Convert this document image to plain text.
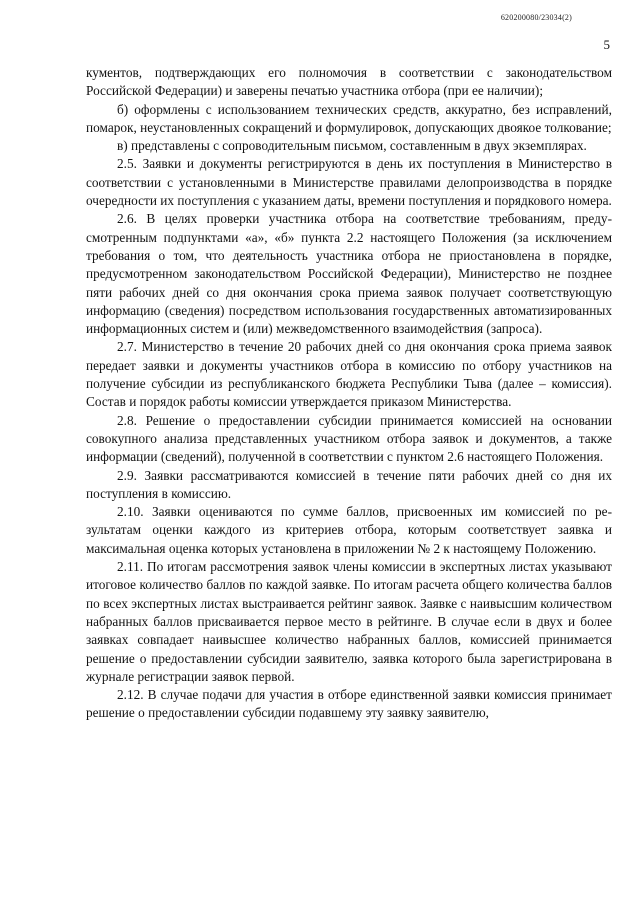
620200080/23034(2)
5

кументов, подтверждающих его полномочия в соответствии с законодательством Российской Федерации) и заверены печатью участника отбора (при ее наличии);

б) оформлены с использованием технических средств, аккуратно, без исправлений, помарок, неустановленных сокращений и формулировок, допускающих двоякое толкование;

в) представлены с сопроводительным письмом, составленным в двух экземплярах.

2.5. Заявки и документы регистрируются в день их поступления в Министерство в соответствии с установленными в Министерстве правилами делопроизводства в порядке очередности их поступления с указанием даты, времени поступления и порядкового номера.

2.6. В целях проверки участника отбора на соответствие требованиям, предусмотренным подпунктами «а», «б» пункта 2.2 настоящего Положения (за исключением требования о том, что деятельность участника отбора не приостановлена в порядке, предусмотренном законодательством Российской Федерации), Министерство не позднее пяти рабочих дней со дня окончания срока приема заявок получает соответствующую информацию (сведения) посредством использования государственных автоматизированных информационных систем и (или) межведомственного взаимодействия (запроса).

2.7. Министерство в течение 20 рабочих дней со дня окончания срока приема заявок передает заявки и документы участников отбора в комиссию по отбору участников на получение субсидии из республиканского бюджета Республики Тыва (далее – комиссия). Состав и порядок работы комиссии утверждается приказом Министерства.

2.8. Решение о предоставлении субсидии принимается комиссией на основании совокупного анализа представленных участником отбора заявок и документов, а также информации (сведений), полученной в соответствии с пунктом 2.6 настоящего Положения.

2.9. Заявки рассматриваются комиссией в течение пяти рабочих дней со дня их поступления в комиссию.

2.10. Заявки оцениваются по сумме баллов, присвоенных им комиссией по результатам оценки каждого из критериев отбора, которым соответствует заявка и максимальная оценка которых установлена в приложении № 2 к настоящему Положению.

2.11. По итогам рассмотрения заявок члены комиссии в экспертных листах указывают итоговое количество баллов по каждой заявке. По итогам расчета общего количества баллов по всех экспертных листах выстраивается рейтинг заявок. Заявке с наивысшим количеством набранных баллов присваивается первое место в рейтинге. В случае если в двух и более заявках совпадает наивысшее количество набранных баллов, комиссией принимается решение о предоставлении субсидии заявителю, заявка которого была зарегистрирована в журнале регистрации заявок первой.

2.12. В случае подачи для участия в отборе единственной заявки комиссия принимает решение о предоставлении субсидии подавшему эту заявку заявителю,
